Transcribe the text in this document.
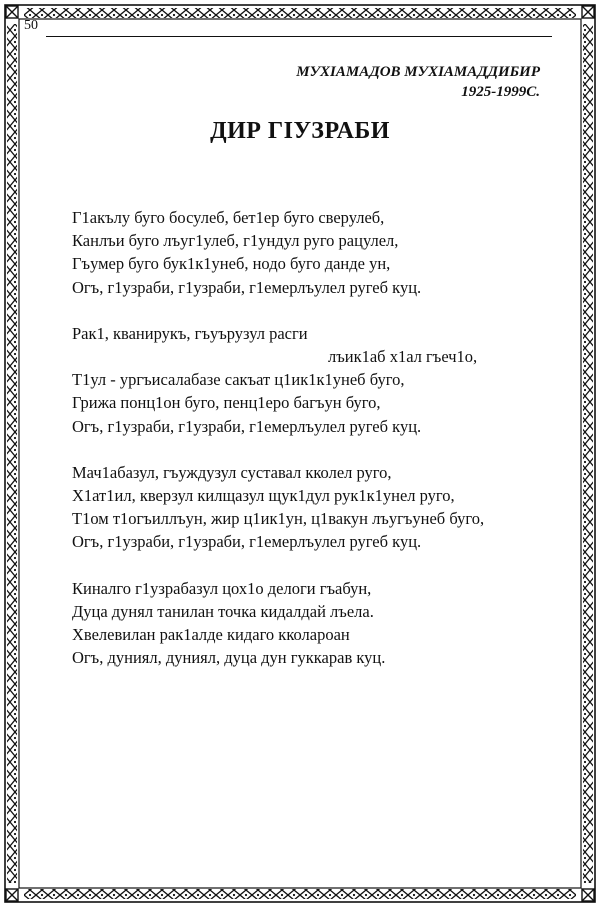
50
МУХIАМАДОВ МУХIАМАДДИБИР
1925-1999С.
ДИР ГIУЗРАБИ
Г1акълу буго босулеб, бет1ер буго сверулеб,
Канлъи буго лъуг1улеб, г1ундул руго рацулел,
Гъумер буго бук1к1унеб, нодо буго данде ун,
Огъ, г1узраби, г1узраби, г1емерлъулел ругеб куц.
Рак1, кванирукъ, гъуърузул расги
лъик1аб х1ал гъеч1о,
Т1ул - ургъисалабазе сакъат ц1ик1к1унеб буго,
Грижа понц1он буго, пенц1еро багъун буго,
Огъ, г1узраби, г1узраби, г1емерлъулел ругеб куц.
Мач1абазул, гъуждузул суставал кколел руго,
Х1ат1ил, кверзул килщазул щук1дул рук1к1унел руго,
Т1ом т1огъиллъун, жир ц1ик1ун, ц1вакун лъугъунеб буго,
Огъ, г1узраби, г1узраби, г1емерлъулел ругеб куц.
Киналго г1узрабазул цох1о делоги гъабун,
Дуца дунял танилан точка кидалдай лъела.
Хвелевилан рак1алде кидаго кколароан
Огъ, дуниял, дуниял, дуца дун гуккарав куц.
